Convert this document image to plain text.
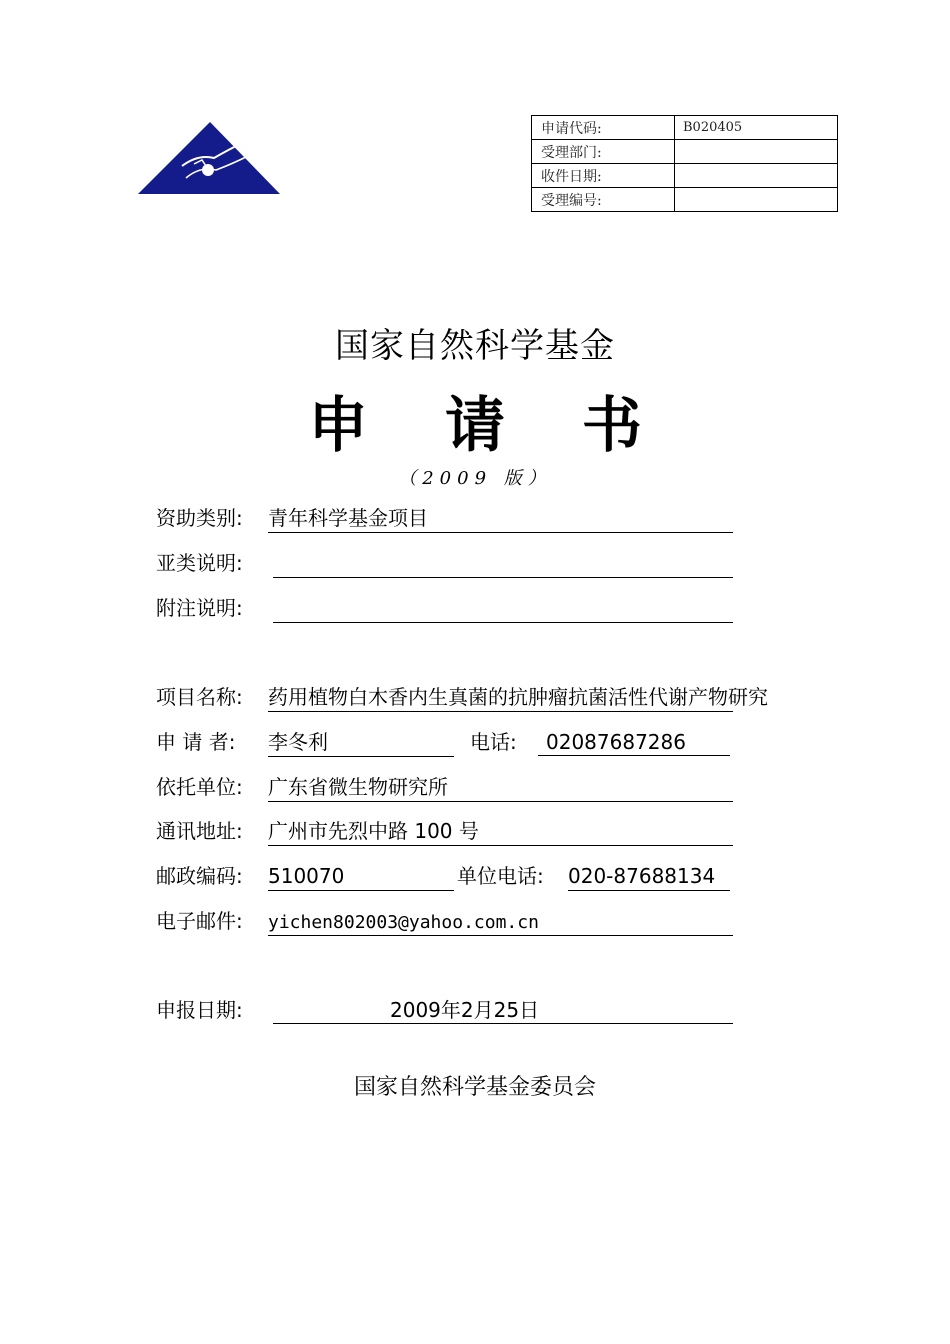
申请代码:	B020405
受理部门:	
收件日期:	
受理编号:	
国家自然科学基金
申 请 书
（2009 版）
资助类别: 青年科学基金项目
亚类说明:
附注说明:
项目名称: 药用植物白木香内生真菌的抗肿瘤抗菌活性代谢产物研究
申 请 者: 李冬利	电话:	02087687286
依托单位: 广东省微生物研究所
通讯地址: 广州市先烈中路 100 号
邮政编码: 510070	单位电话: 020-87688134
电子邮件: yichen802003@yahoo.com.cn
申报日期:	2009年2月25日
国家自然科学基金委员会
